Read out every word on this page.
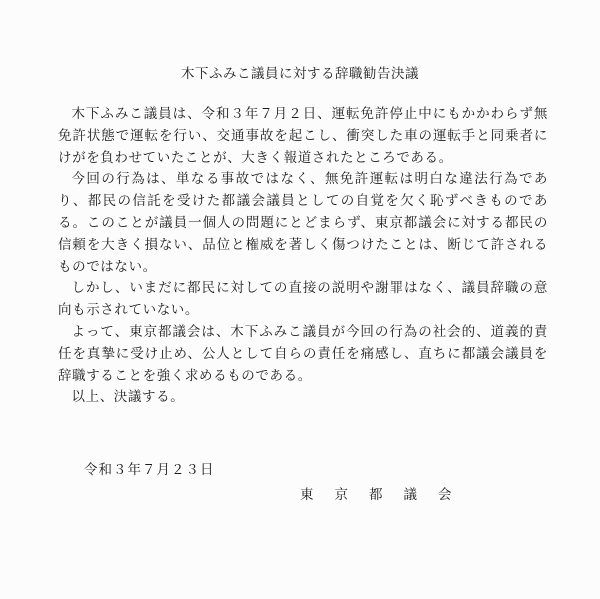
木下ふみこ議員に対する辞職勧告決議

木下ふみこ議員は、令和３年７月２日、運転免許停止中にもかかわらず無免許状態で運転を行い、交通事故を起こし、衝突した車の運転手と同乗者にけがを負わせていたことが、大きく報道されたところである。

今回の行為は、単なる事故ではなく、無免許運転は明白な違法行為であり、都民の信託を受けた都議会議員としての自覚を欠く恥ずべきものである。このことが議員一個人の問題にとどまらず、東京都議会に対する都民の信頼を大きく損ない、品位と権威を著しく傷つけたことは、断じて許されるものではない。

しかし、いまだに都民に対しての直接の説明や謝罪はなく、議員辞職の意向も示されていない。

よって、東京都議会は、木下ふみこ議員が今回の行為の社会的、道義的責任を真摯に受け止め、公人として自らの責任を痛感し、直ちに都議会議員を辞職することを強く求めるものである。

以上、決議する。

令和３年７月２３日
東京都議会
